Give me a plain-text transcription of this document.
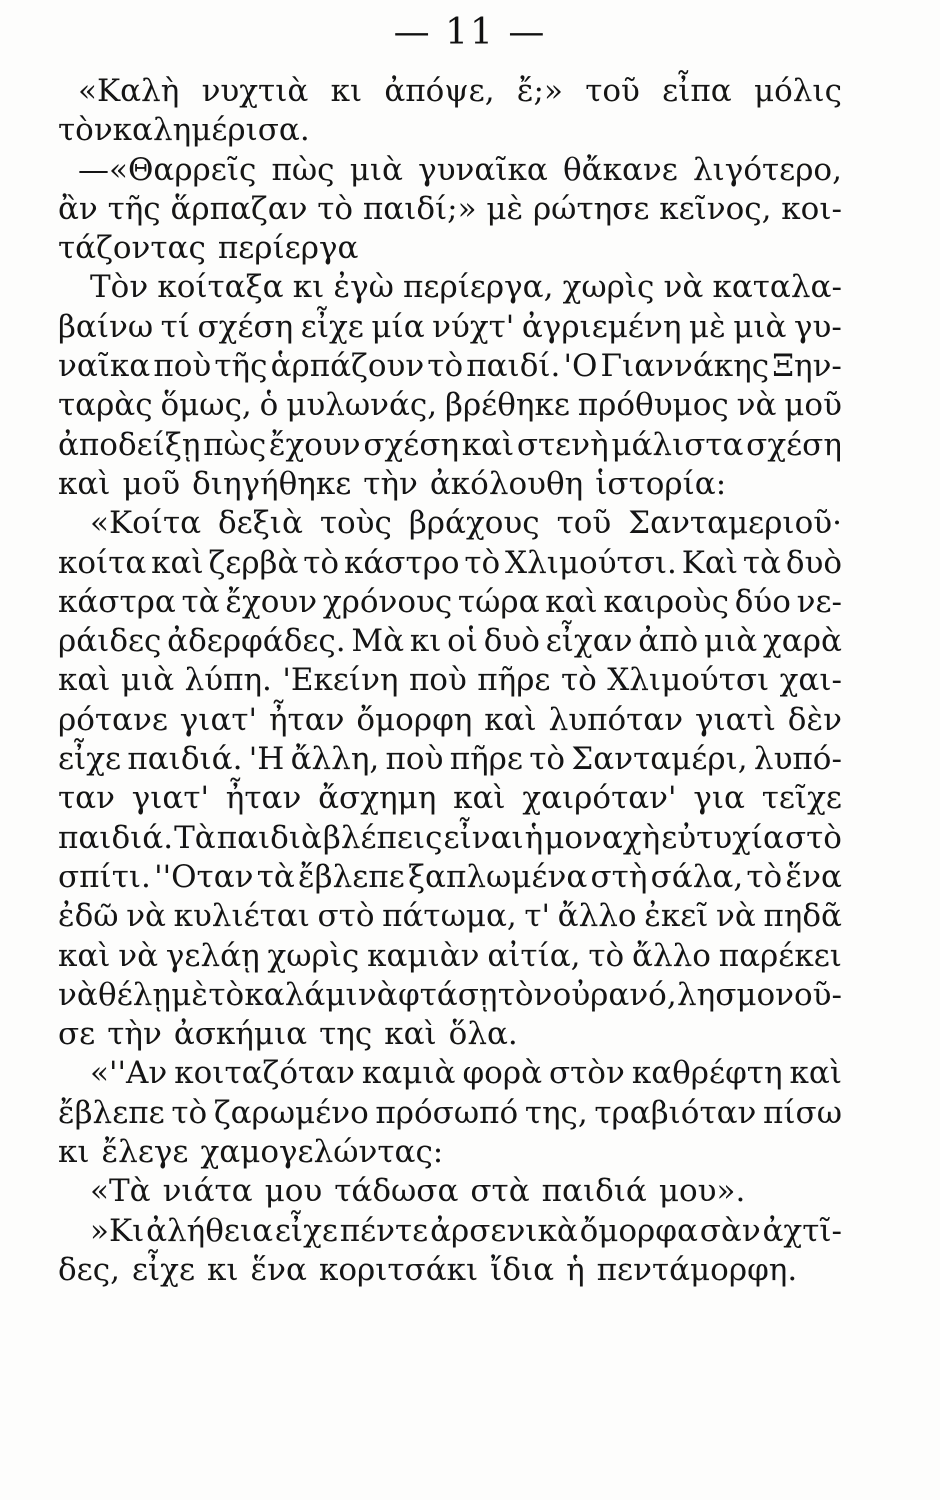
— 11 —
«Καλὴ νυχτιὰ κι ἀπόψε, ἔ;» τοῦ εἶπα μόλις
τὸνκαλημέρισα.
—«Θαρρεῖς πὼς μιὰ γυναῖκα θἄκανε λιγότερο,
ἂν τῆς ἅρπαζαν τὸ παιδί;» μὲ ρώτησε κεῖνος, κοι-
τάζοντας περίεργα
Τὸν κοίταξα κι ἐγὼ περίεργα, χωρὶς νὰ καταλα-
βαίνω τί σχέση εἶχε μία νύχτ' ἀγριεμένη μὲ μιὰ γυ-
ναῖκα ποὺ τῆς ἁρπάζουν τὸ παιδί. 'Ο Γιαννάκης Ξην-
ταρὰς ὅμως, ὁ μυλωνάς, βρέθηκε πρόθυμος νὰ μοῦ
ἀποδείξῃ πὼς ἔχουν σχέση καὶ στενὴ μάλιστα σχέση
καὶ μοῦ διηγήθηκε τὴν ἀκόλουθη ἱστορία:
«Κοίτα δεξιὰ τοὺς βράχους τοῦ Σανταμεριοῦ·
κοίτα καὶ ζερβὰ τὸ κάστρο τὸ Χλιμούτσι. Καὶ τὰ δυὸ
κάστρα τὰ ἔχουν χρόνους τώρα καὶ καιροὺς δύο νε-
ράιδες ἀδερφάδες. Μὰ κι οἱ δυὸ εἶχαν ἀπὸ μιὰ χαρὰ
καὶ μιὰ λύπη. 'Εκείνη ποὺ πῆρε τὸ Χλιμούτσι χαι-
ρότανε γιατ' ἦταν ὄμορφη καὶ λυπόταν γιατὶ δὲν
εἶχε παιδιά. 'Η ἄλλη, ποὺ πῆρε τὸ Σανταμέρι, λυπό-
ταν γιατ' ἦταν ἄσχημη καὶ χαιρόταν' για τεῖχε
παιδιά. Τὰ παιδιὰ βλέπεις εἶναι ἡ μοναχὴ εὐτυχία στὸ
σπίτι. ''Οταν τὰ ἔβλεπε ξαπλωμένα στὴ σάλα, τὸ ἕνα
ἐδῶ νὰ κυλιέται στὸ πάτωμα, τ' ἄλλο ἐκεῖ νὰ πηδᾶ
καὶ νὰ γελάῃ χωρὶς καμιὰν αἰτία, τὸ ἄλλο παρέκει
νὰ θέλῃ μὲ τὸ καλάμι νὰ φτάσῃ τὸν οὐρανό, λησμονοῦ-
σε τὴν ἀσκήμια της καὶ ὅλα.
«''Αν κοιταζόταν καμιὰ φορὰ στὸν καθρέφτη καὶ
ἔβλεπε τὸ ζαρωμένο πρόσωπό της, τραβιόταν πίσω
κι ἔλεγε χαμογελώντας:
«Τὰ νιάτα μου τάδωσα στὰ παιδιά μου».
»Κι ἀλήθεια εἶχε πέντε ἀρσενικὰ ὄμορφα σὰν ἀχτῖ-
δες, εἶχε κι ἕνα κοριτσάκι ἴδια ἡ πεντάμορφη.
